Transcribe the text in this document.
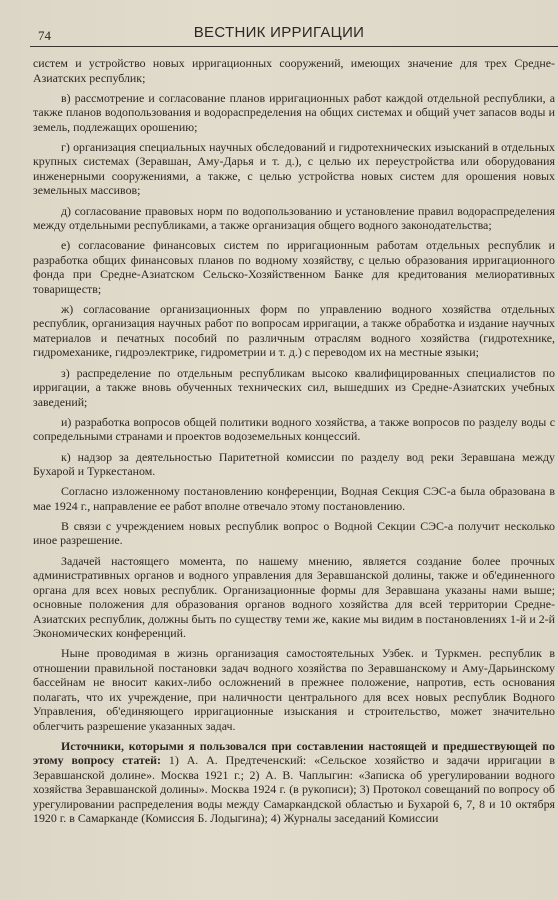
74	ВЕСТНИК ИРРИГАЦИИ

систем и устройство новых ирригационных сооружений, имеющих значение для трех Средне-Азиатских республик;

в) рассмотрение и согласование планов ирригационных работ каждой отдельной республики, а также планов водопользования и водораспределения на общих системах и общий учет запасов воды и земель, подлежащих орошению;

г) организация специальных научных обследований и гидротехнических изысканий в отдельных крупных системах (Зеравшан, Аму-Дарья и т. д.), с целью их переустройства или оборудования инженерными сооружениями, а также, с целью устройства новых систем для орошения новых земельных массивов;

д) согласование правовых норм по водопользованию и установление правил водораспределения между отдельными республиками, а также организация общего водного законодательства;

е) согласование финансовых систем по ирригационным работам отдельных республик и разработка общих финансовых планов по водному хозяйству, с целью образования ирригационного фонда при Средне-Азиатском Сельско-Хозяйственном Банке для кредитования мелиоративных товариществ;

ж) согласование организационных форм по управлению водного хозяйства отдельных республик, организация научных работ по вопросам ирригации, а также обработка и издание научных материалов и печатных пособий по различным отраслям водного хозяйства (гидротехнике, гидромеханике, гидроэлектрике, гидрометрии и т. д.) с переводом их на местные языки;

з) распределение по отдельным республикам высоко квалифицированных специалистов по ирригации, а также вновь обученных технических сил, вышедших из Средне-Азиатских учебных заведений;

и) разработка вопросов общей политики водного хозяйства, а также вопросов по разделу воды с сопредельными странами и проектов водоземельных концессий.

к) надзор за деятельностью Паритетной комиссии по разделу вод реки Зеравшана между Бухарой и Туркестаном.

Согласно изложенному постановлению конференции, Водная Секция СЭС-а была образована в мае 1924 г., направление ее работ вполне отвечало этому постановлению.

В связи с учреждением новых республик вопрос о Водной Секции СЭС-а получит несколько иное разрешение.

Задачей настоящего момента, по нашему мнению, является создание более прочных административных органов и водного управления для Зеравшанской долины, также и об'единенного органа для всех новых республик. Организационные формы для Зеравшана указаны нами выше; основные положения для образования органов водного хозяйства для всей территории Средне-Азиатских республик, должны быть по существу теми же, какие мы видим в постановлениях 1-й и 2-й Экономических конференций.

Ныне проводимая в жизнь организация самостоятельных Узбек. и Туркмен. республик в отношении правильной постановки задач водного хозяйства по Зеравшанскому и Аму-Дарьинскому бассейнам не вносит каких-либо осложнений в прежнее положение, напротив, есть основания полагать, что их учреждение, при наличности центрального для всех новых республик Водного Управления, об'единяющего ирригационные изыскания и строительство, может значительно облегчить разрешение указанных задач.

Источники, которыми я пользовался при составлении настоящей и предшествующей по этому вопросу статей: 1) А. А. Предтеченский: «Сельское хозяйство и задачи ирригации в Зеравшанской долине». Москва 1921 г.; 2) А. В. Чаплыгин: «Записка об урегулировании водного хозяйства Зеравшанской долины». Москва 1924 г. (в рукописи); 3) Протокол совещаний по вопросу об урегулировании распределения воды между Самаркандской областью и Бухарой 6, 7, 8 и 10 октября 1920 г. в Самарканде (Комиссия Б. Лодыгина); 4) Журналы заседаний Комиссии
